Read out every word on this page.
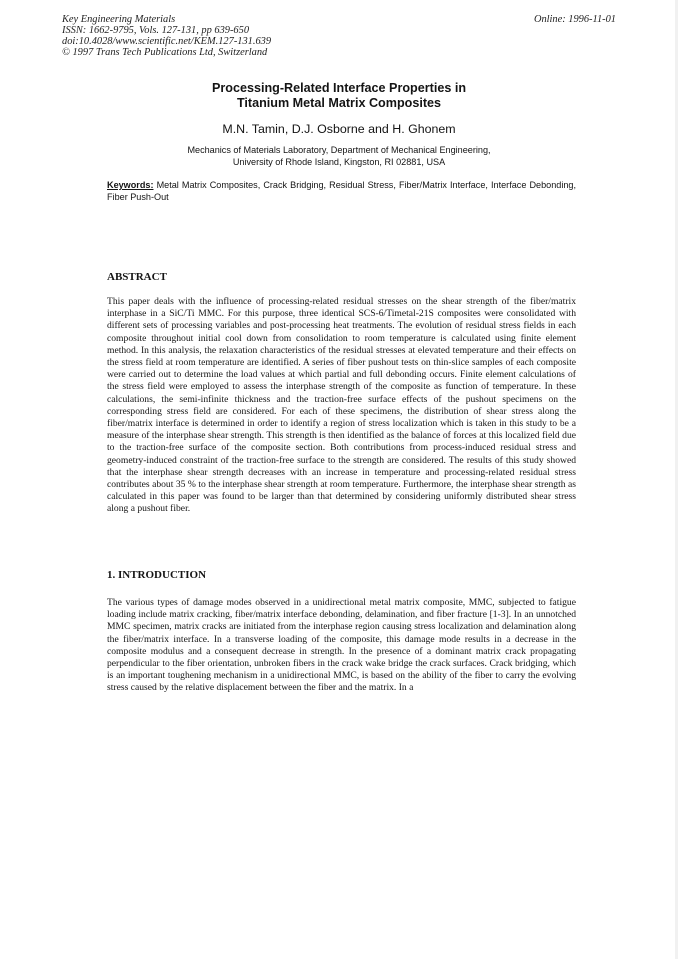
Key Engineering Materials
ISSN: 1662-9795, Vols. 127-131, pp 639-650
doi:10.4028/www.scientific.net/KEM.127-131.639
© 1997 Trans Tech Publications Ltd, Switzerland
Online: 1996-11-01
Processing-Related Interface Properties in
Titanium Metal Matrix Composites
M.N. Tamin, D.J. Osborne and H. Ghonem
Mechanics of Materials Laboratory, Department of Mechanical Engineering,
University of Rhode Island, Kingston, RI 02881, USA
Keywords: Metal Matrix Composites, Crack Bridging, Residual Stress, Fiber/Matrix Interface, Interface Debonding, Fiber Push-Out
ABSTRACT

This paper deals with the influence of processing-related residual stresses on the shear strength of the fiber/matrix interphase in a SiC/Ti MMC. For this purpose, three identical SCS-6/Timetal-21S composites were consolidated with different sets of processing variables and post-processing heat treatments. The evolution of residual stress fields in each composite throughout initial cool down from consolidation to room temperature is calculated using finite element method. In this analysis, the relaxation characteristics of the residual stresses at elevated temperature and their effects on the stress field at room temperature are identified. A series of fiber pushout tests on thin-slice samples of each composite were carried out to determine the load values at which partial and full debonding occurs. Finite element calculations of the stress field were employed to assess the interphase strength of the composite as function of temperature. In these calculations, the semi-infinite thickness and the traction-free surface effects of the pushout specimens on the corresponding stress field are considered. For each of these specimens, the distribution of shear stress along the fiber/matrix interface is determined in order to identify a region of stress localization which is taken in this study to be a measure of the interphase shear strength. This strength is then identified as the balance of forces at this localized field due to the traction-free surface of the composite section. Both contributions from process-induced residual stress and geometry-induced constraint of the traction-free surface to the strength are considered. The results of this study showed that the interphase shear strength decreases with an increase in temperature and processing-related residual stress contributes about 35 % to the interphase shear strength at room temperature. Furthermore, the interphase shear strength as calculated in this paper was found to be larger than that determined by considering uniformly distributed shear stress along a pushout fiber.

1. INTRODUCTION

The various types of damage modes observed in a unidirectional metal matrix composite, MMC, subjected to fatigue loading include matrix cracking, fiber/matrix interface debonding, delamination, and fiber fracture [1-3]. In an unnotched MMC specimen, matrix cracks are initiated from the interphase region causing stress localization and delamination along the fiber/matrix interface. In a transverse loading of the composite, this damage mode results in a decrease in the composite modulus and a consequent decrease in strength. In the presence of a dominant matrix crack propagating perpendicular to the fiber orientation, unbroken fibers in the crack wake bridge the crack surfaces. Crack bridging, which is an important toughening mechanism in a unidirectional MMC, is based on the ability of the fiber to carry the evolving stress caused by the relative displacement between the fiber and the matrix. In a
